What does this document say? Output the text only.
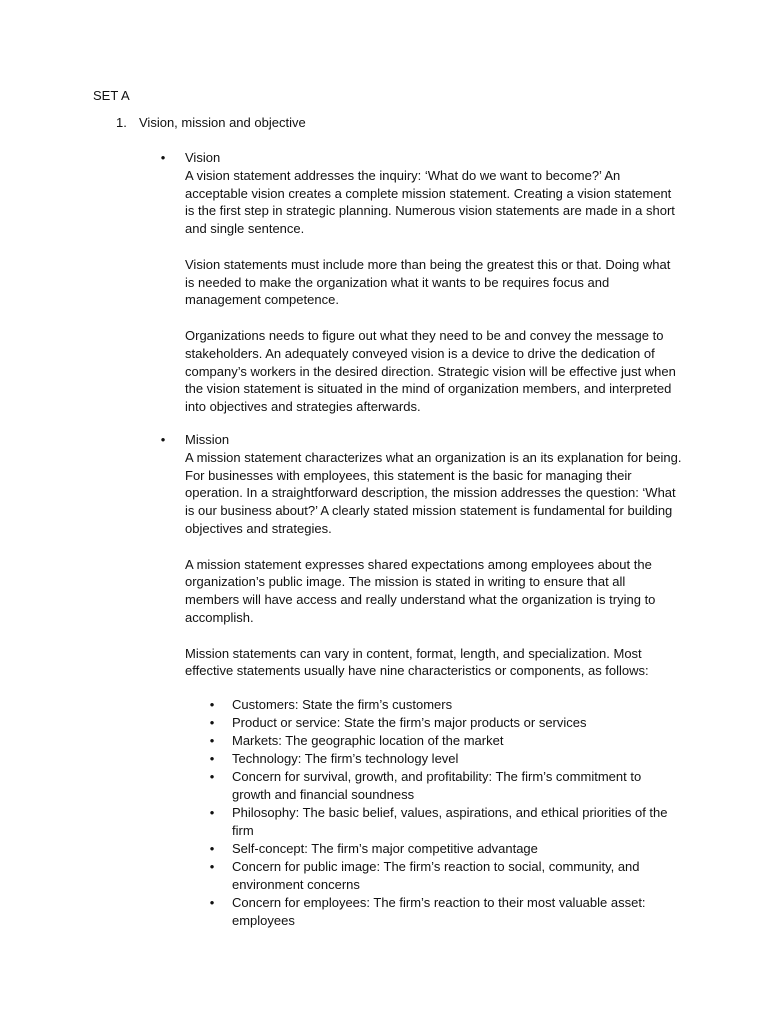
SET A
1. Vision, mission and objective
• Vision

A vision statement addresses the inquiry: ‘What do we want to become?’ An acceptable vision creates a complete mission statement. Creating a vision statement is the first step in strategic planning. Numerous vision statements are made in a short and single sentence.

Vision statements must include more than being the greatest this or that. Doing what is needed to make the organization what it wants to be requires focus and management competence.

Organizations needs to figure out what they need to be and convey the message to stakeholders. An adequately conveyed vision is a device to drive the dedication of company’s workers in the desired direction. Strategic vision will be effective just when the vision statement is situated in the mind of organization members, and interpreted into objectives and strategies afterwards.

• Mission

A mission statement characterizes what an organization is an its explanation for being. For businesses with employees, this statement is the basic for managing their operation. In a straightforward description, the mission addresses the question: ‘What is our business about?’ A clearly stated mission statement is fundamental for building objectives and strategies.

A mission statement expresses shared expectations among employees about the organization’s public image. The mission is stated in writing to ensure that all members will have access and really understand what the organization is trying to accomplish.

Mission statements can vary in content, format, length, and specialization. Most effective statements usually have nine characteristics or components, as follows:

• Customers: State the firm’s customers
• Product or service: State the firm’s major products or services
• Markets: The geographic location of the market
• Technology: The firm’s technology level
• Concern for survival, growth, and profitability: The firm’s commitment to growth and financial soundness
• Philosophy: The basic belief, values, aspirations, and ethical priorities of the firm
• Self-concept: The firm’s major competitive advantage
• Concern for public image: The firm’s reaction to social, community, and environment concerns
• Concern for employees: The firm’s reaction to their most valuable asset: employees
